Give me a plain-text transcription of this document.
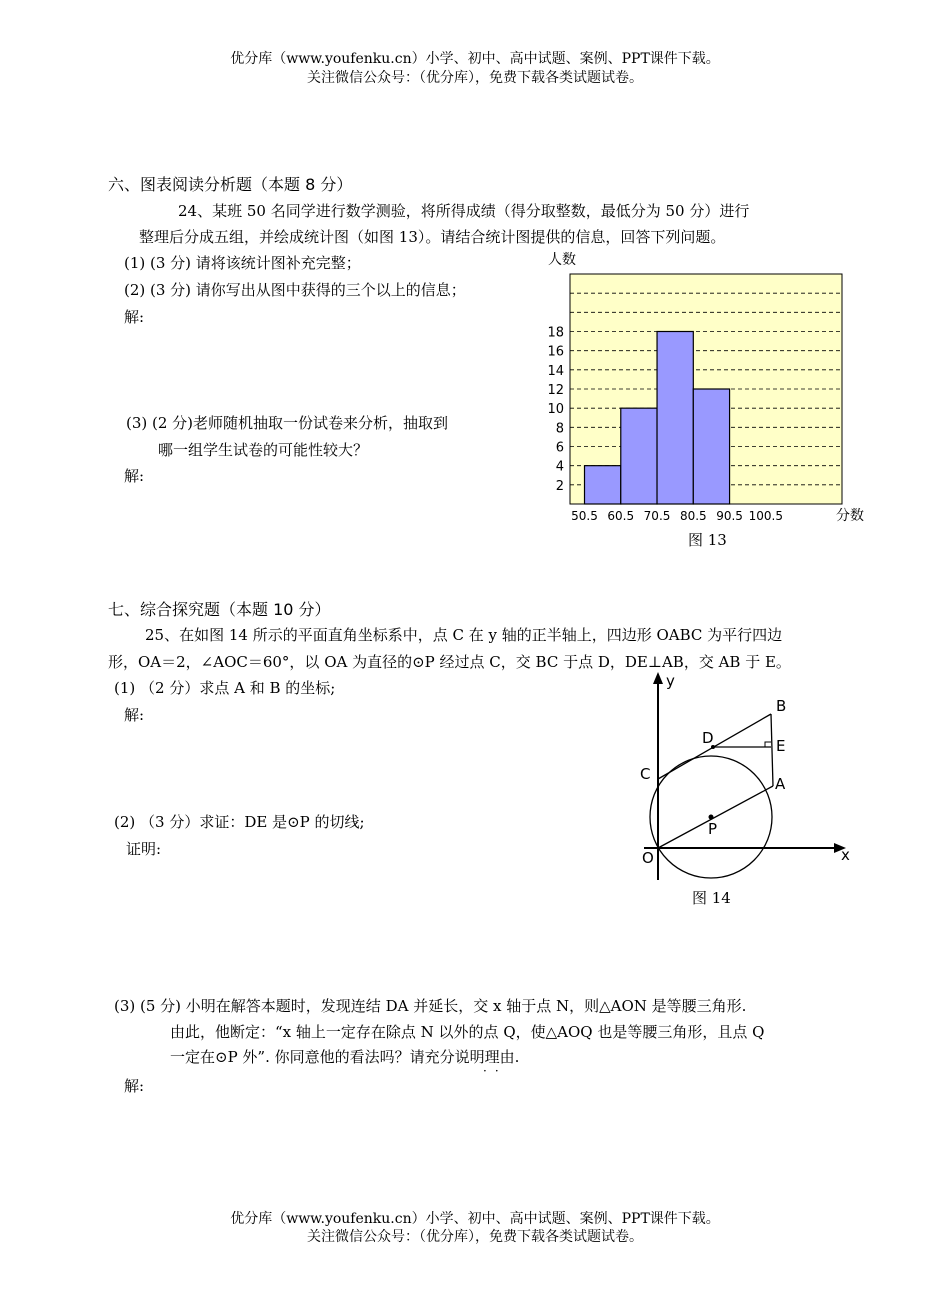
优分库（www.youfenku.cn）小学、初中、高中试题、案例、PPT课件下载。
关注微信公众号：（优分库），免费下载各类试题试卷。
六、图表阅读分析题（本题 8 分）
24、某班 50 名同学进行数学测验，将所得成绩（得分取整数，最低分为 50 分）进行
整理后分成五组，并绘成统计图（如图 13）。请结合统计图提供的信息，回答下列问题。
(1) (3 分) 请将该统计图补充完整；
(2) (3 分) 请你写出从图中获得的三个以上的信息；
解:
(3) (2 分)老师随机抽取一份试卷来分析，抽取到
哪一组学生试卷的可能性较大？
解:
2
4
6
8
10
12
14
16
18
50.5 60.5 70.5 80.5 90.5 100.5
人数
分数
图 13
七、综合探究题（本题 10 分）
25、在如图 14 所示的平面直角坐标系中，点 C 在 y 轴的正半轴上，四边形 OABC 为平行四边
形，OA＝2，∠AOC＝60°，以 OA 为直径的⊙P 经过点 C，交 BC 于点 D，DE⊥AB，交 AB 于 E。
(1) （2 分）求点 A 和 B 的坐标;
解:
(2) （3 分）求证：DE 是⊙P 的切线;
证明:
y
x
B
D	E
C
A
P
O
图 14
(3) (5 分) 小明在解答本题时，发现连结 DA 并延长，交 x 轴于点 N，则△AON 是等腰三角形.
由此，他断定：“x 轴上一定存在除点 N 以外的点 Q，使△AOQ 也是等腰三角形，且点 Q
一定在⊙P 外”. 你同意他的看法吗？请充分说明理由.
··
解:
优分库（www.youfenku.cn）小学、初中、高中试题、案例、PPT课件下载。
关注微信公众号：（优分库），免费下载各类试题试卷。
